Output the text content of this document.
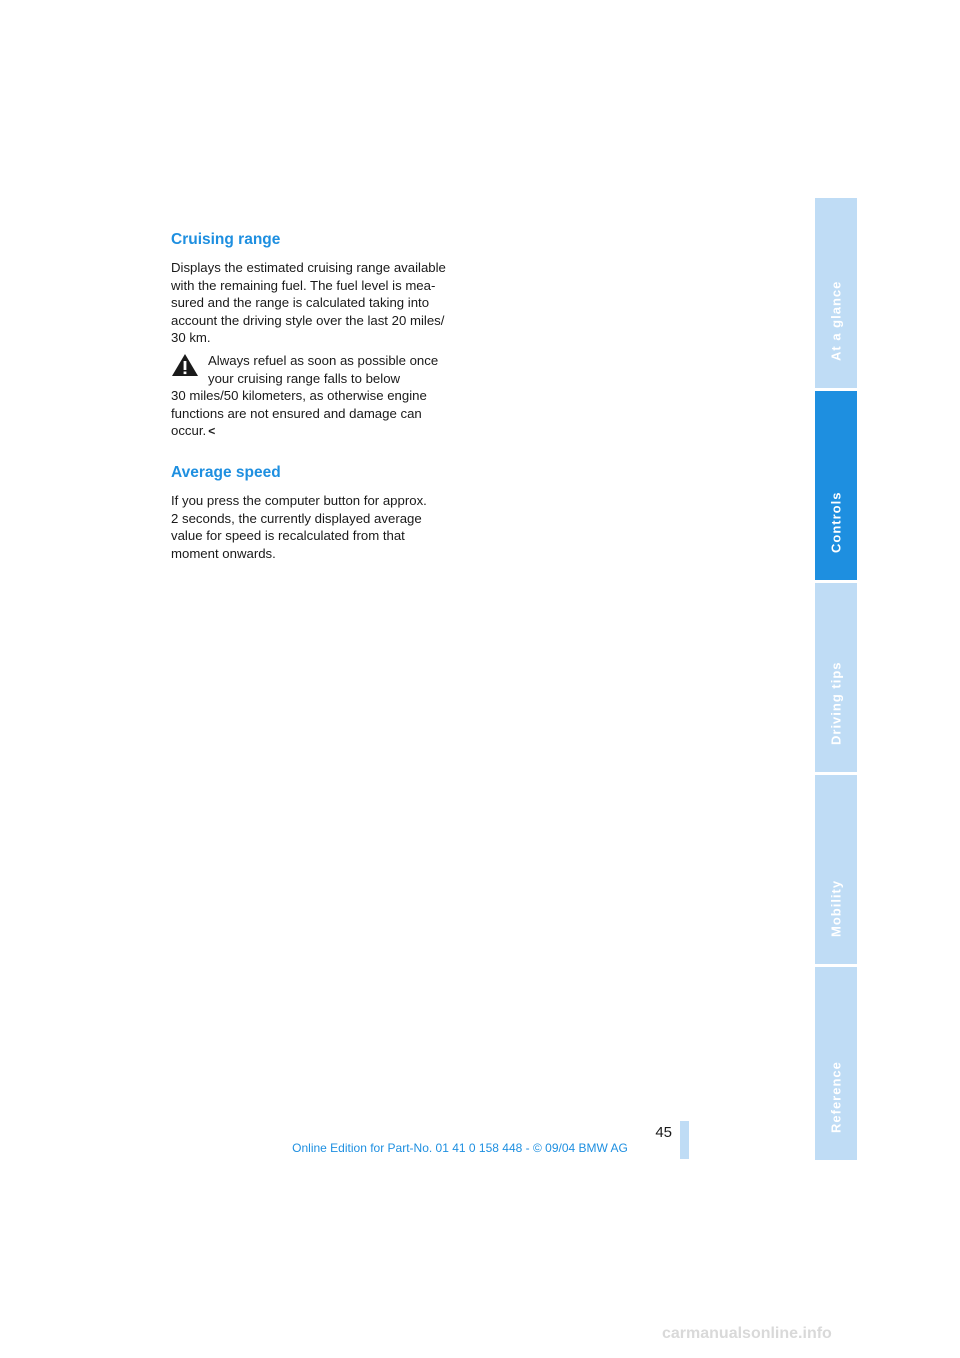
Cruising range

Displays the estimated cruising range available
with the remaining fuel. The fuel level is mea-
sured and the range is calculated taking into
account the driving style over the last 20 miles/
30 km.

Always refuel as soon as possible once
your cruising range falls to below
30 miles/50 kilometers, as otherwise engine
functions are not ensured and damage can
occur. <
Average speed

If you press the computer button for approx.
2 seconds, the currently displayed average
value for speed is recalculated from that
moment onwards.

At a glance
Controls
Driving tips
Mobility
Reference
45
Online Edition for Part-No. 01 41 0 158 448 - © 09/04 BMW AG
carmanualsonline.info
